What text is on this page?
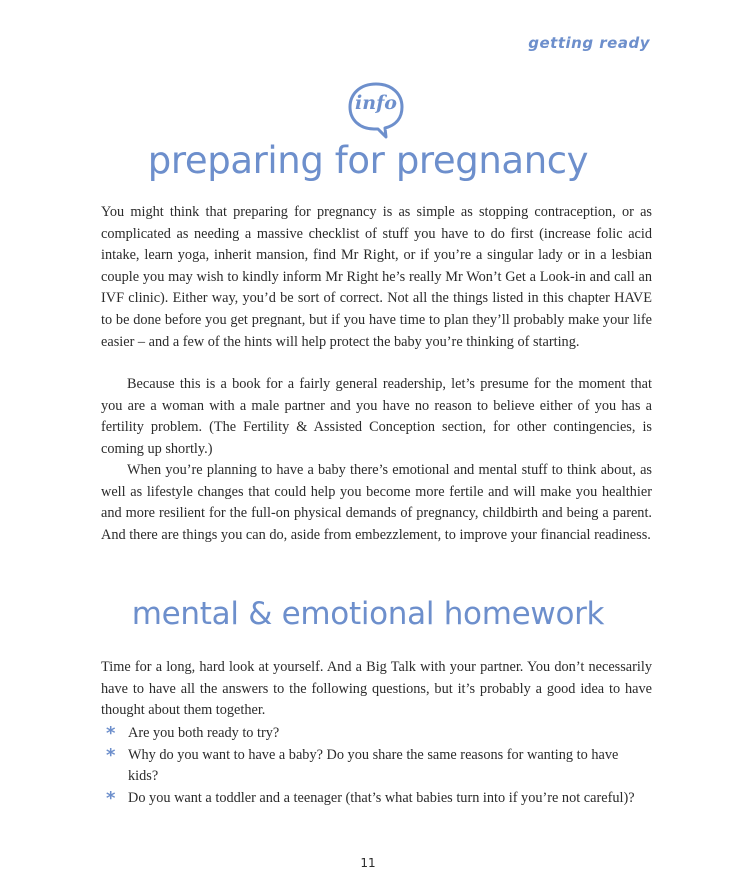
getting ready
info
preparing for pregnancy

You might think that preparing for pregnancy is as simple as stopping contraception, or as complicated as needing a massive checklist of stuff you have to do first (increase folic acid intake, learn yoga, inherit mansion, find Mr Right, or if you’re a singular lady or in a lesbian couple you may wish to kindly inform Mr Right he’s really Mr Won’t Get a Look-in and call an IVF clinic). Either way, you’d be sort of correct. Not all the things listed in this chapter HAVE to be done before you get pregnant, but if you have time to plan they’ll probably make your life easier – and a few of the hints will help protect the baby you’re thinking of starting.

Because this is a book for a fairly general readership, let’s presume for the moment that you are a woman with a male partner and you have no reason to believe either of you has a fertility problem. (The Fertility & Assisted Conception section, for other contingencies, is coming up shortly.)

When you’re planning to have a baby there’s emotional and mental stuff to think about, as well as lifestyle changes that could help you become more fertile and will make you healthier and more resilient for the full-on physical demands of pregnancy, childbirth and being a parent. And there are things you can do, aside from embezzlement, to improve your financial readiness.

mental & emotional homework

Time for a long, hard look at yourself. And a Big Talk with your partner. You don’t necessarily have to have all the answers to the following questions, but it’s probably a good idea to have thought about them together.

* Are you both ready to try?
* Why do you want to have a baby? Do you share the same reasons for wanting to have kids?
* Do you want a toddler and a teenager (that’s what babies turn into if you’re not careful)?
11
